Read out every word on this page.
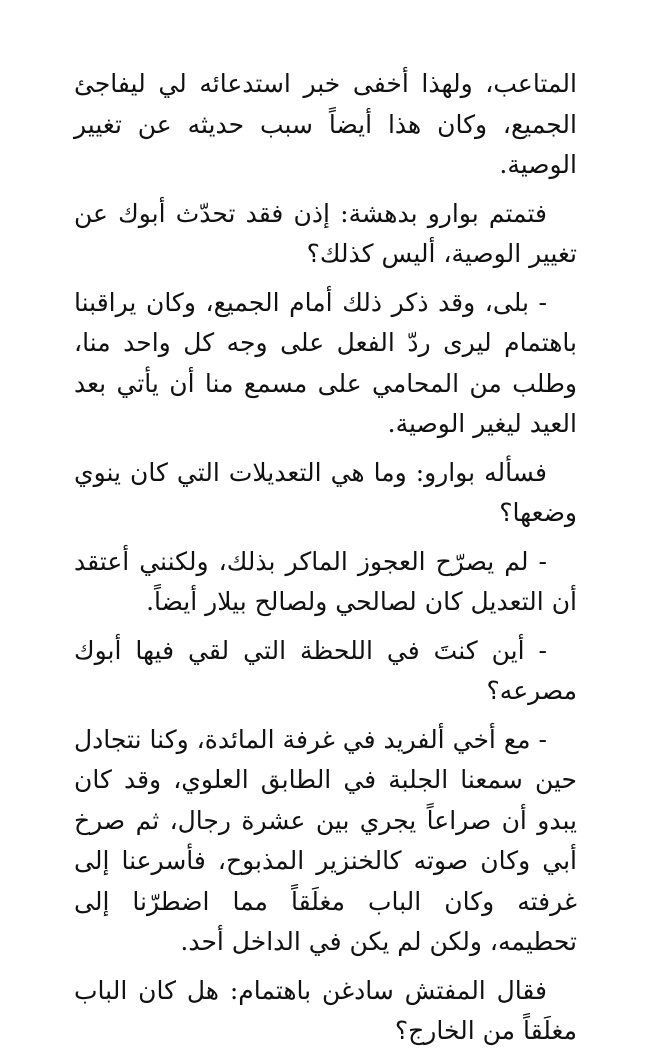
المتاعب، ولهذا أخفى خبر استدعائه لي ليفاجئ الجميع، وكان هذا أيضاً سبب حديثه عن تغيير الوصية.

فتمتم بوارو بدهشة: إذن فقد تحدّث أبوك عن تغيير الوصية، أليس كذلك؟

- بلى، وقد ذكر ذلك أمام الجميع، وكان يراقبنا باهتمام ليرى ردّ الفعل على وجه كل واحد منا، وطلب من المحامي على مسمع منا أن يأتي بعد العيد ليغير الوصية.

فسأله بوارو: وما هي التعديلات التي كان ينوي وضعها؟

- لم يصرّح العجوز الماكر بذلك، ولكنني أعتقد أن التعديل كان لصالحي ولصالح بيلار أيضاً.

- أين كنتَ في اللحظة التي لقي فيها أبوك مصرعه؟

- مع أخي ألفريد في غرفة المائدة، وكنا نتجادل حين سمعنا الجلبة في الطابق العلوي، وقد كان يبدو أن صراعاً يجري بين عشرة رجال، ثم صرخ أبي وكان صوته كالخنزير المذبوح، فأسرعنا إلى غرفته وكان الباب مغلَقاً مما اضطرّنا إلى تحطيمه، ولكن لم يكن في الداخل أحد.

فقال المفتش سادغن باهتمام: هل كان الباب مغلَقاً من الخارج؟
